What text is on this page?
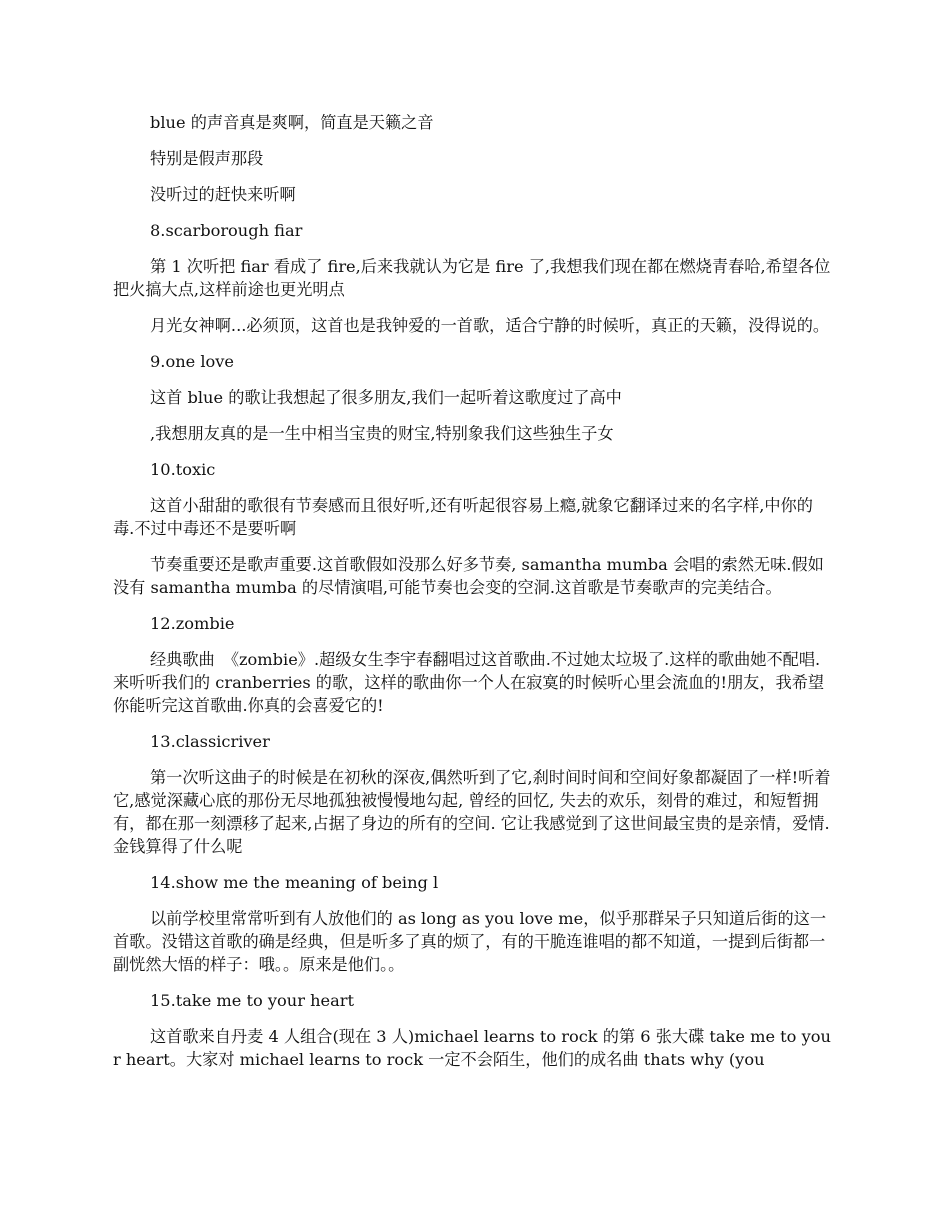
blue 的声音真是爽啊，简直是天籁之音

特别是假声那段

没听过的赶快来听啊

8.scarborough fiar

第 1 次听把 fiar 看成了 fire,后来我就认为它是 fire 了,我想我们现在都在燃烧青春哈,希望各位把火搞大点,这样前途也更光明点

月光女神啊...必须顶，这首也是我钟爱的一首歌，适合宁静的时候听，真正的天籁，没得说的。

9.one love

这首 blue 的歌让我想起了很多朋友,我们一起听着这歌度过了高中

,我想朋友真的是一生中相当宝贵的财宝,特别象我们这些独生子女

10.toxic

这首小甜甜的歌很有节奏感而且很好听,还有听起很容易上瘾,就象它翻译过来的名字样,中你的毒.不过中毒还不是要听啊

节奏重要还是歌声重要.这首歌假如没那么好多节奏, samantha mumba 会唱的索然无味.假如没有 samantha mumba 的尽情演唱,可能节奏也会变的空洞.这首歌是节奏歌声的完美结合。

12.zombie

经典歌曲　《zombie》.超级女生李宇春翻唱过这首歌曲.不过她太垃圾了.这样的歌曲她不配唱.来听听我们的 cranberries 的歌，这样的歌曲你一个人在寂寞的时候听心里会流血的!朋友，我希望你能听完这首歌曲.你真的会喜爱它的!

13.classicriver

第一次听这曲子的时候是在初秋的深夜,偶然听到了它,刹时间时间和空间好象都凝固了一样!听着它,感觉深藏心底的那份无尽地孤独被慢慢地勾起, 曾经的回忆, 失去的欢乐，刻骨的难过，和短暂拥有，都在那一刻漂移了起来,占据了身边的所有的空间. 它让我感觉到了这世间最宝贵的是亲情，爱情.金钱算得了什么呢

14.show me the meaning of being l

以前学校里常常听到有人放他们的 as long as you love me，似乎那群呆子只知道后街的这一首歌。没错这首歌的确是经典，但是听多了真的烦了，有的干脆连谁唱的都不知道，一提到后街都一副恍然大悟的样子：哦。。原来是他们。。

15.take me to your heart

这首歌来自丹麦 4 人组合(现在 3 人)michael learns to rock 的第 6 张大碟 take me to your heart。大家对 michael learns to rock 一定不会陌生，他们的成名曲 thats why (you
